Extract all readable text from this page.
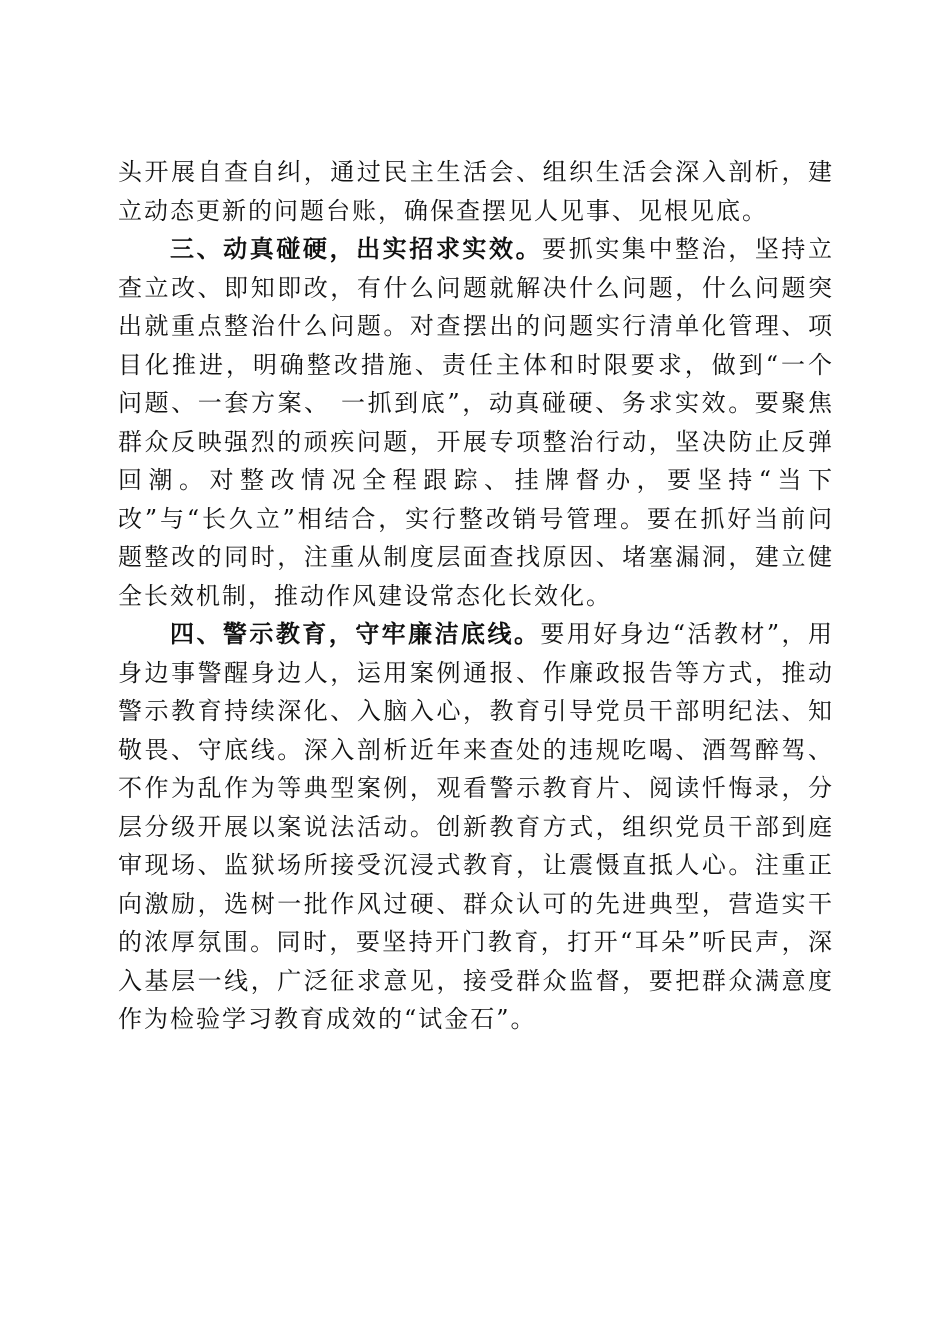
头开展自查自纠，通过民主生活会、组织生活会深入剖析，建立动态更新的问题台账，确保查摆见人见事、见根见底。

三、动真碰硬，出实招求实效。要抓实集中整治，坚持立查立改、即知即改，有什么问题就解决什么问题，什么问题突出就重点整治什么问题。对查摆出的问题实行清单化管理、项目化推进，明确整改措施、责任主体和时限要求，做到“一个问题、一套方案、 一抓到底”，动真碰硬、务求实效。要聚焦群众反映强烈的顽疾问题，开展专项整治行动，坚决防止反弹回潮。对整改情况全程跟踪、挂牌督办，要坚持“当下改”与“长久立”相结合，实行整改销号管理。要在抓好当前问题整改的同时，注重从制度层面查找原因、堵塞漏洞，建立健全长效机制，推动作风建设常态化长效化。

四、警示教育，守牢廉洁底线。要用好身边“活教材”，用身边事警醒身边人，运用案例通报、作廉政报告等方式，推动警示教育持续深化、入脑入心，教育引导党员干部明纪法、知敬畏、守底线。深入剖析近年来查处的违规吃喝、酒驾醉驾、不作为乱作为等典型案例，观看警示教育片、阅读忏悔录，分层分级开展以案说法活动。创新教育方式，组织党员干部到庭审现场、监狱场所接受沉浸式教育，让震慑直抵人心。注重正向激励，选树一批作风过硬、群众认可的先进典型，营造实干的浓厚氛围。同时，要坚持开门教育，打开“耳朵”听民声，深入基层一线，广泛征求意见，接受群众监督，要把群众满意度作为检验学习教育成效的“试金石”。
